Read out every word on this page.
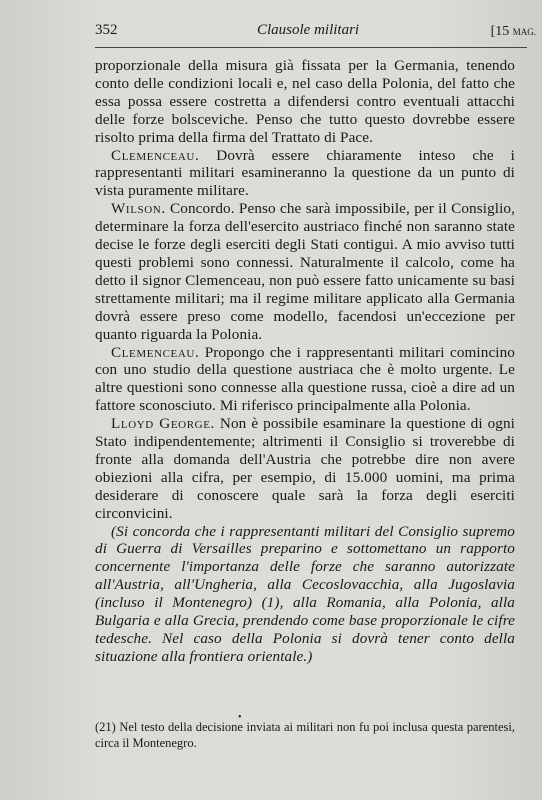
352	Clausole militari	[15 MAG.

proporzionale della misura già fissata per la Germania, tenendo conto delle condizioni locali e, nel caso della Polonia, del fatto che essa possa essere costretta a difendersi contro eventuali attacchi delle forze bolsceviche. Penso che tutto questo dovrebbe essere risolto prima della firma del Trattato di Pace.

Clemenceau. Dovrà essere chiaramente inteso che i rappresentanti militari esamineranno la questione da un punto di vista puramente militare.

Wilson. Concordo. Penso che sarà impossibile, per il Consiglio, determinare la forza dell'esercito austriaco finché non saranno state decise le forze degli eserciti degli Stati contigui. A mio avviso tutti questi problemi sono connessi. Naturalmente il calcolo, come ha detto il signor Clemenceau, non può essere fatto unicamente su basi strettamente militari; ma il regime militare applicato alla Germania dovrà essere preso come modello, facendosi un'eccezione per quanto riguarda la Polonia.

Clemenceau. Propongo che i rappresentanti militari comincino con uno studio della questione austriaca che è molto urgente. Le altre questioni sono connesse alla questione russa, cioè a dire ad un fattore sconosciuto. Mi riferisco principalmente alla Polonia.

Lloyd George. Non è possibile esaminare la questione di ogni Stato indipendentemente; altrimenti il Consiglio si troverebbe di fronte alla domanda dell'Austria che potrebbe dire non avere obiezioni alla cifra, per esempio, di 15.000 uomini, ma prima desiderare di conoscere quale sarà la forza degli eserciti circonvicini.

(Si concorda che i rappresentanti militari del Consiglio supremo di Guerra di Versailles preparino e sottomettano un rapporto concernente l'importanza delle forze che saranno autorizzate all'Austria, all'Ungheria, alla Cecoslovacchia, alla Jugoslavia (incluso il Montenegro) (1), alla Romania, alla Polonia, alla Bulgaria e alla Grecia, prendendo come base proporzionale le cifre tedesche. Nel caso della Polonia si dovrà tener conto della situazione alla frontiera orientale.)

•
(21) Nel testo della decisione inviata ai militari non fu poi inclusa questa parentesi, circa il Montenegro.
